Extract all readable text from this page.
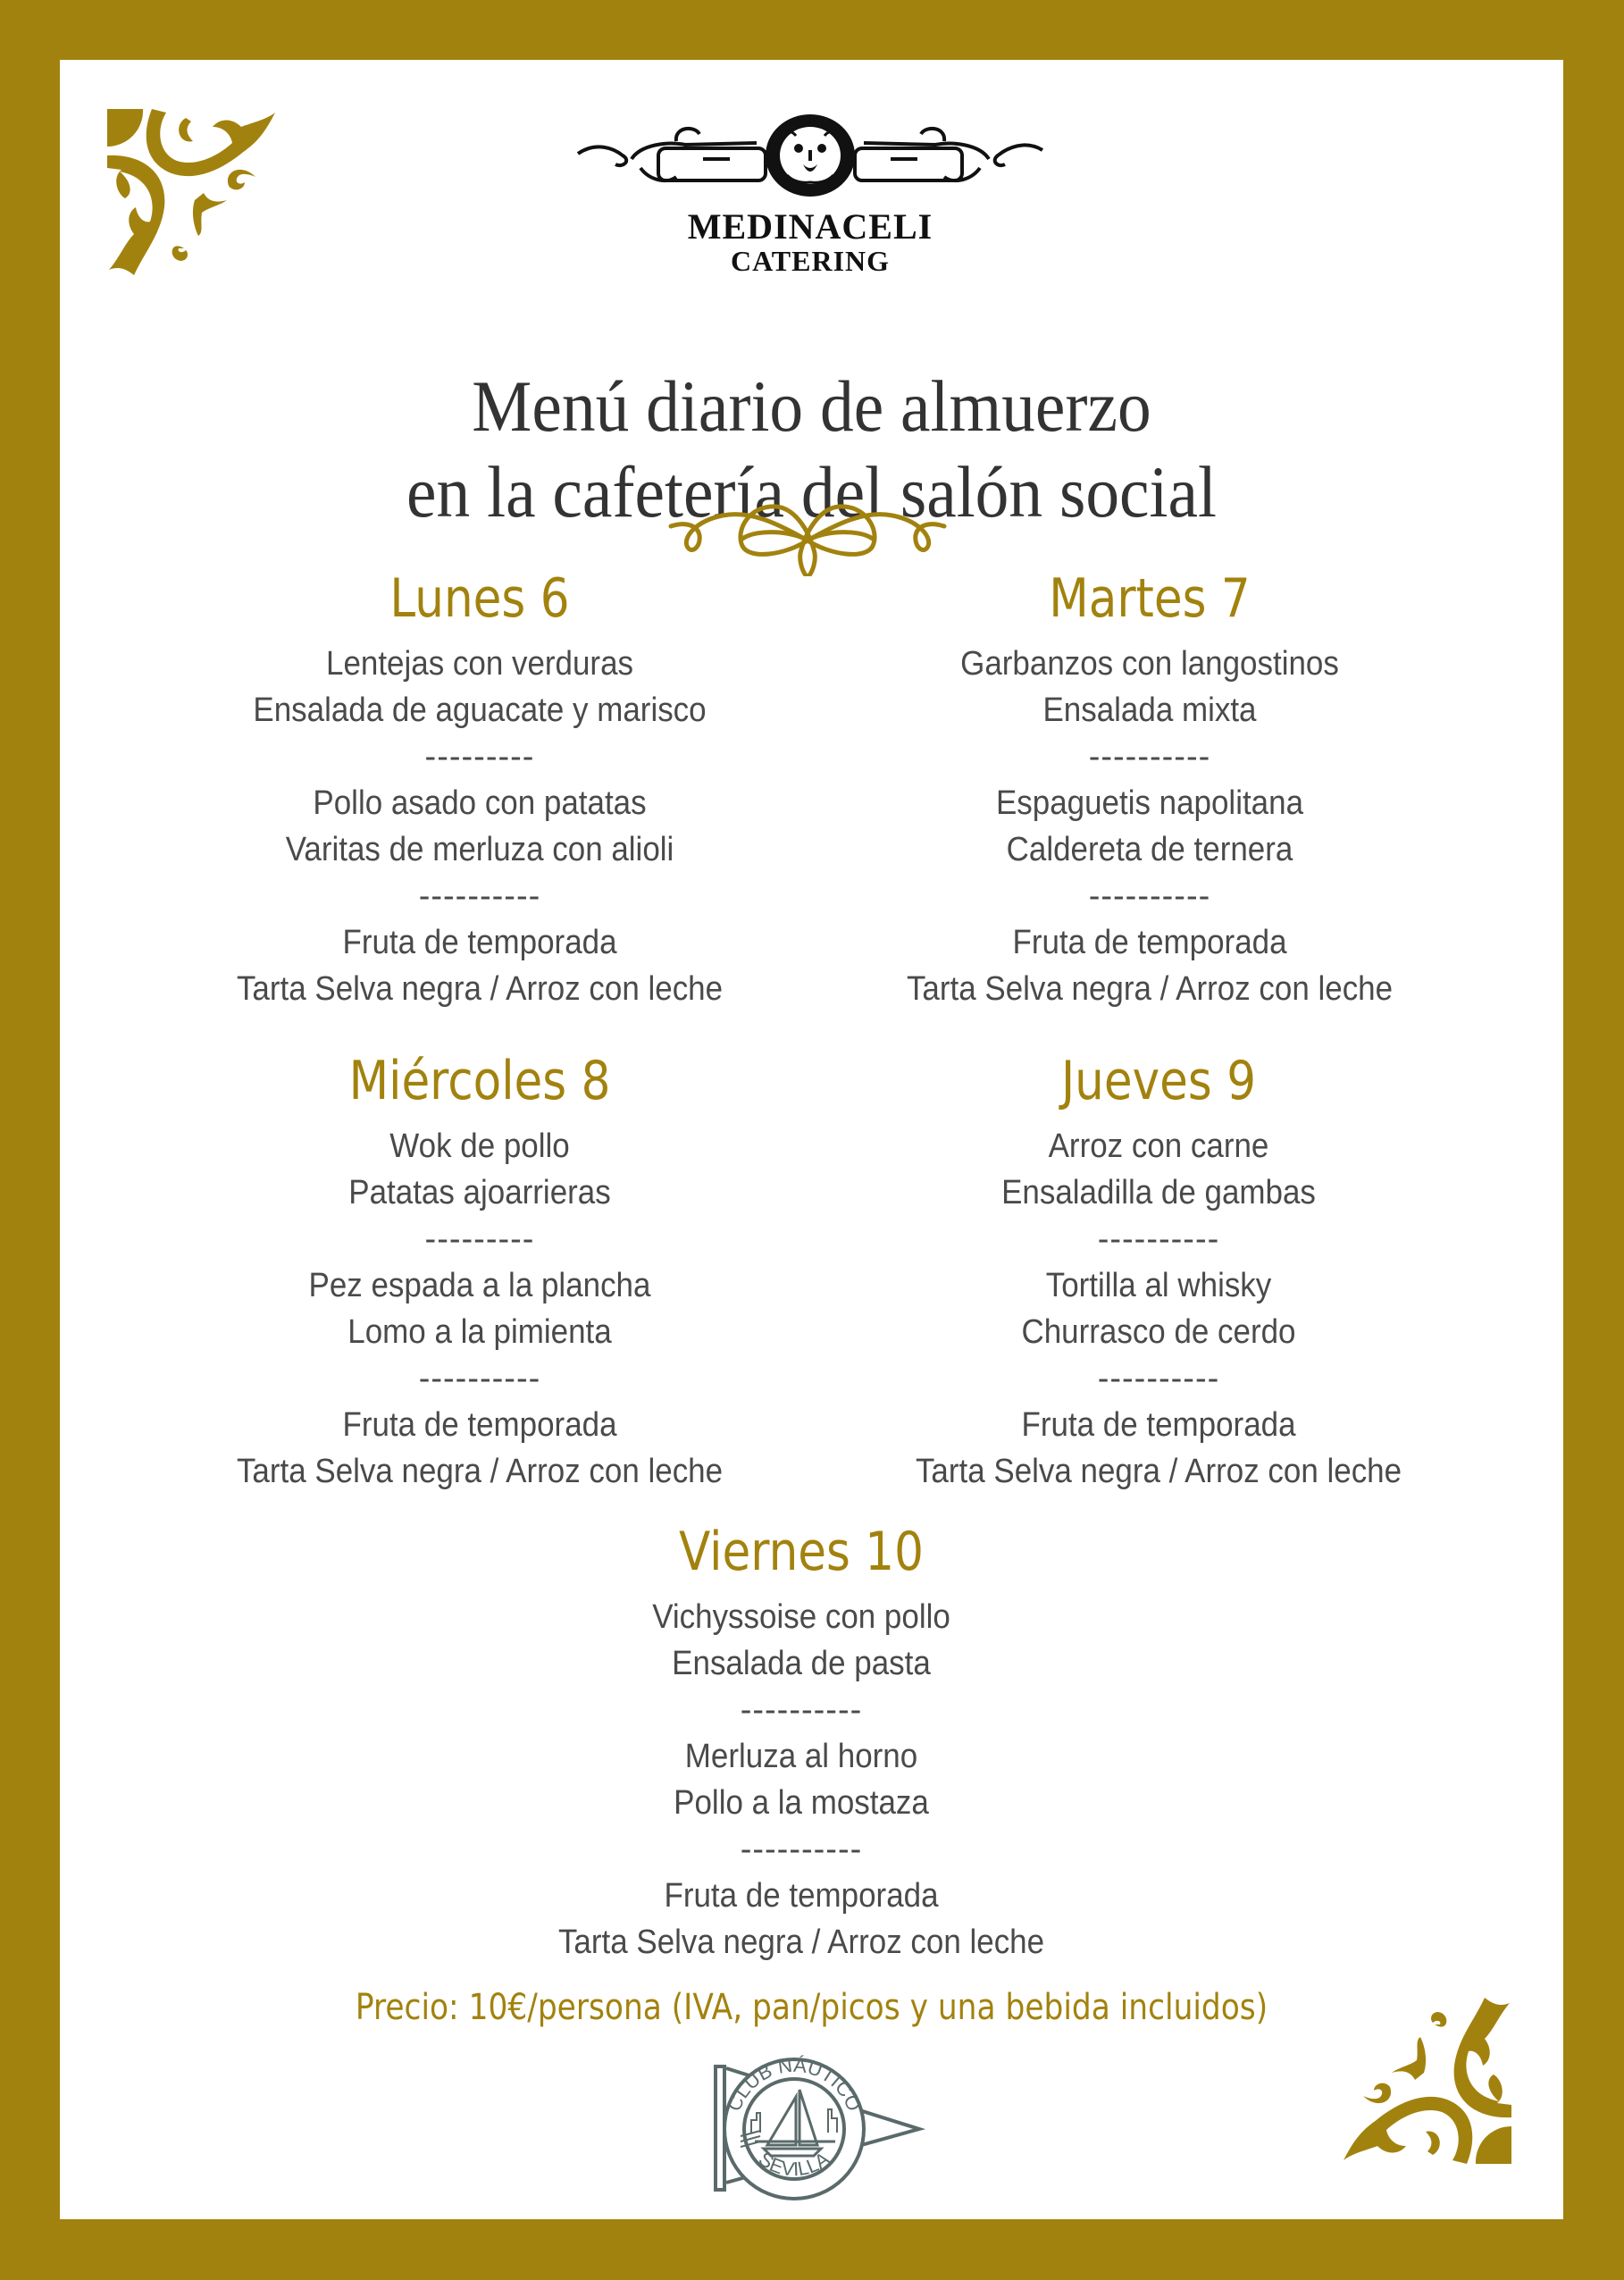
MEDINACELI
CATERING
Menú diario de almuerzo
en la cafetería del salón social
Lunes 6
Lentejas con verduras
Ensalada de aguacate y marisco
---------
Pollo asado con patatas
Varitas de merluza con alioli
----------
Fruta de temporada
Tarta Selva negra / Arroz con leche
Martes 7
Garbanzos con langostinos
Ensalada mixta
----------
Espaguetis napolitana
Caldereta de ternera
----------
Fruta de temporada
Tarta Selva negra / Arroz con leche
Miércoles 8
Wok de pollo
Patatas ajoarrieras
---------
Pez espada a la plancha
Lomo a la pimienta
----------
Fruta de temporada
Tarta Selva negra / Arroz con leche
Jueves 9
Arroz con carne
Ensaladilla de gambas
----------
Tortilla al whisky
Churrasco de cerdo
----------
Fruta de temporada
Tarta Selva negra / Arroz con leche
Viernes 10
Vichyssoise con pollo
Ensalada de pasta
----------
Merluza al horno
Pollo a la mostaza
----------
Fruta de temporada
Tarta Selva negra / Arroz con leche
Precio: 10€/persona (IVA, pan/picos y una bebida incluidos)
CLUB NÁUTICO
SEVILLA
